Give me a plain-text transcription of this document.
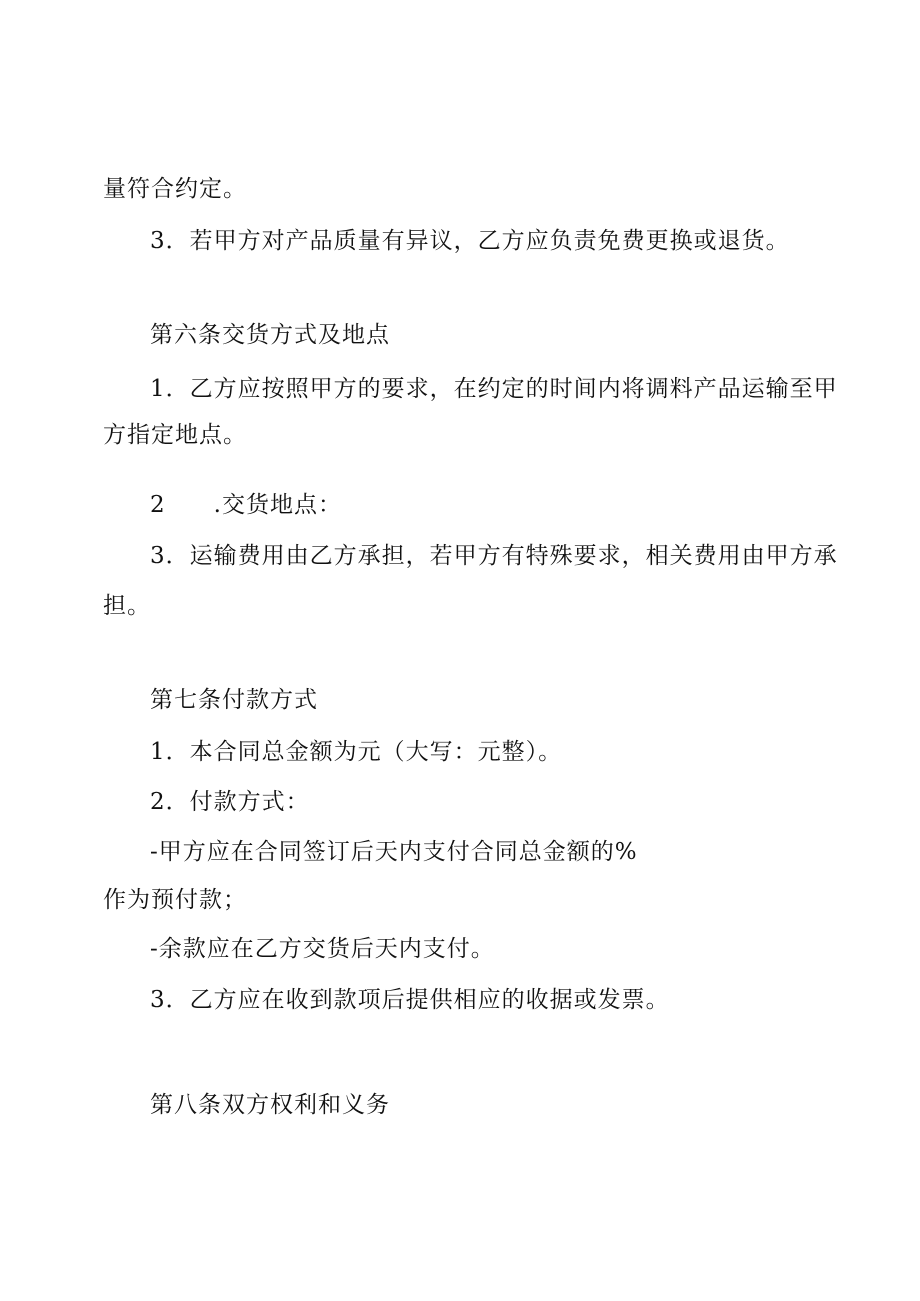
量符合约定。
3．若甲方对产品质量有异议，乙方应负责免费更换或退货。
第六条交货方式及地点
1．乙方应按照甲方的要求，在约定的时间内将调料产品运输至甲
方指定地点。
2 .交货地点：
3．运输费用由乙方承担，若甲方有特殊要求，相关费用由甲方承
担。
第七条付款方式
1．本合同总金额为元（大写：元整）。
2．付款方式：
-甲方应在合同签订后天内支付合同总金额的%
作为预付款；
-余款应在乙方交货后天内支付。
3．乙方应在收到款项后提供相应的收据或发票。
第八条双方权利和义务
